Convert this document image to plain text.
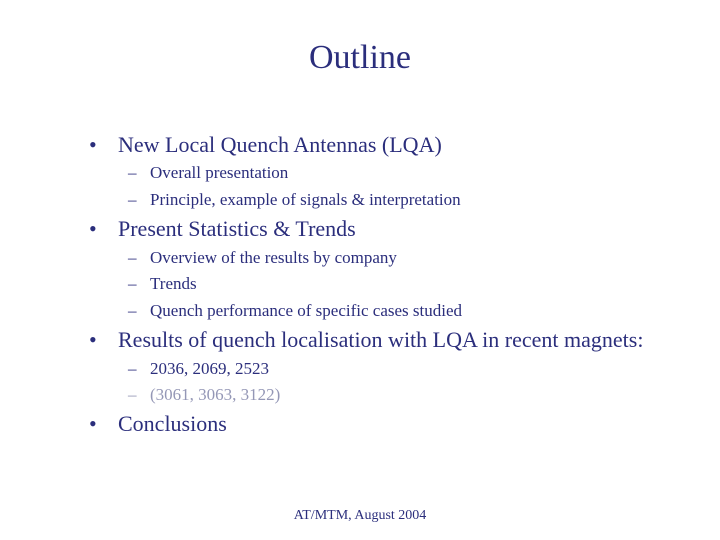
Outline
• New Local Quench Antennas (LQA)
– Overall presentation
– Principle, example of signals & interpretation
• Present Statistics & Trends
– Overview of the results by company
– Trends
– Quench performance of specific cases studied
• Results of quench localisation with LQA in recent magnets:
– 2036, 2069, 2523
– (3061, 3063, 3122)
• Conclusions
AT/MTM, August 2004
